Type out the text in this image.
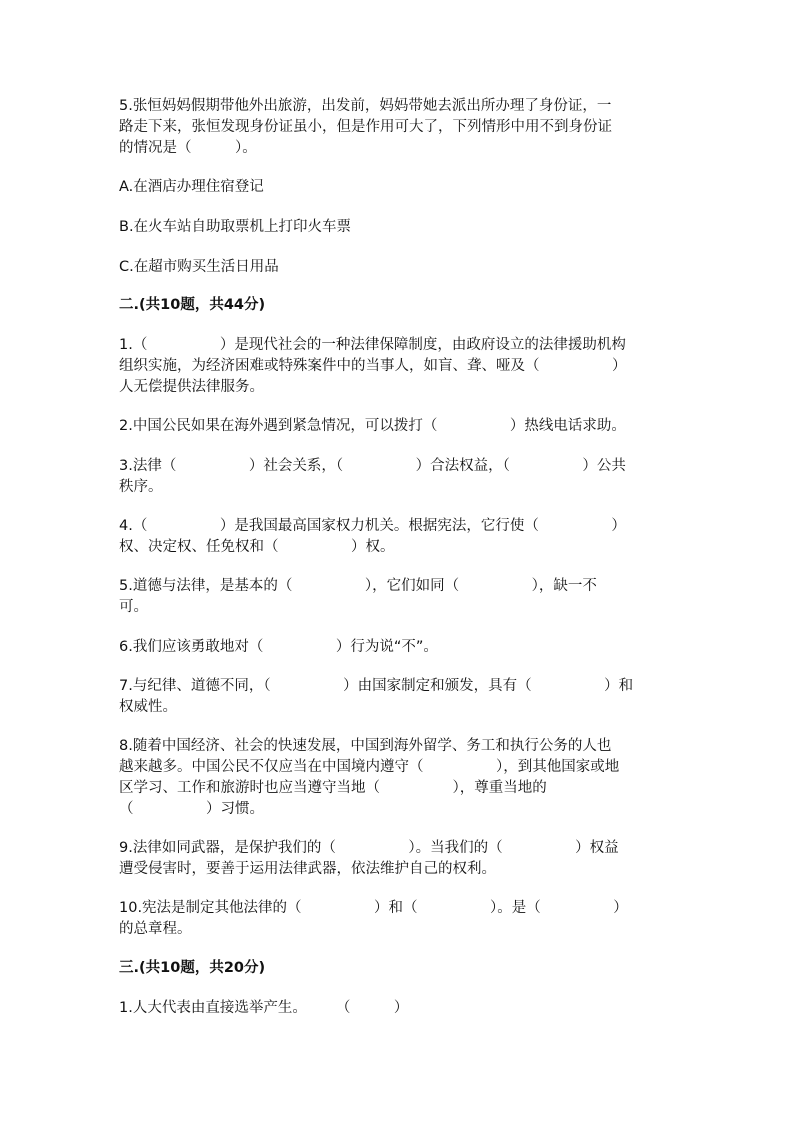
5.张恒妈妈假期带他外出旅游，出发前，妈妈带她去派出所办理了身份证，一

路走下来，张恒发现身份证虽小，但是作用可大了，下列情形中用不到身份证

的情况是（　　　）。

A.在酒店办理住宿登记

B.在火车站自助取票机上打印火车票

C.在超市购买生活日用品

二.(共10题，共44分)

1.（　　　　　）是现代社会的一种法律保障制度，由政府设立的法律援助机构

组织实施，为经济困难或特殊案件中的当事人，如盲、聋、哑及（　　　　　）

人无偿提供法律服务。

2.中国公民如果在海外遇到紧急情况，可以拨打（　　　　　）热线电话求助。

3.法律（　　　　　）社会关系，（　　　　　）合法权益，（　　　　　）公共

秩序。

4.（　　　　　）是我国最高国家权力机关。根据宪法，它行使（　　　　　）

权、决定权、任免权和（　　　　　）权。

5.道德与法律，是基本的（　　　　　），它们如同（　　　　　），缺一不

可。

6.我们应该勇敢地对（　　　　　）行为说“不”。

7.与纪律、道德不同，（　　　　　）由国家制定和颁发，具有（　　　　　）和

权威性。

8.随着中国经济、社会的快速发展，中国到海外留学、务工和执行公务的人也

越来越多。中国公民不仅应当在中国境内遵守（　　　　　），到其他国家或地

区学习、工作和旅游时也应当遵守当地（　　　　　），尊重当地的

（　　　　　）习惯。

9.法律如同武器，是保护我们的（　　　　　）。当我们的（　　　　　）权益

遭受侵害时，要善于运用法律武器，依法维护自己的权利。

10.宪法是制定其他法律的（　　　　　）和（　　　　　）。是（　　　　　）

的总章程。

三.(共10题，共20分)

1.人大代表由直接选举产生。　　　（　　　）
